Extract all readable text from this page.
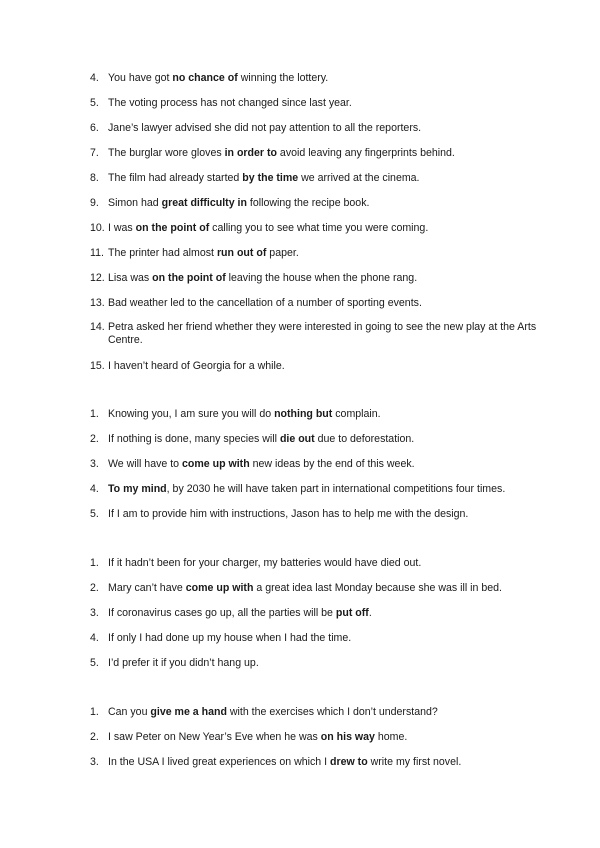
4. You have got no chance of winning the lottery.
5. The voting process has not changed since last year.
6. Jane’s lawyer advised she did not pay attention to all the reporters.
7. The burglar wore gloves in order to avoid leaving any fingerprints behind.
8. The film had already started by the time we arrived at the cinema.
9. Simon had great difficulty in following the recipe book.
10. I was on the point of calling you to see what time you were coming.
11. The printer had almost run out of paper.
12. Lisa was on the point of leaving the house when the phone rang.
13. Bad weather led to the cancellation of a number of sporting events.
14. Petra asked her friend whether they were interested in going to see the new play at the Arts Centre.
15. I haven’t heard of Georgia for a while.
1. Knowing you, I am sure you will do nothing but complain.
2. If nothing is done, many species will die out due to deforestation.
3. We will have to come up with new ideas by the end of this week.
4. To my mind, by 2030 he will have taken part in international competitions four times.
5. If I am to provide him with instructions, Jason has to help me with the design.
1. If it hadn’t been for your charger, my batteries would have died out.
2. Mary can’t have come up with a great idea last Monday because she was ill in bed.
3. If coronavirus cases go up, all the parties will be put off.
4. If only I had done up my house when I had the time.
5. I’d prefer it if you didn’t hang up.
1. Can you give me a hand with the exercises which I don’t understand?
2. I saw Peter on New Year’s Eve when he was on his way home.
3. In the USA I lived great experiences on which I drew to write my first novel.
